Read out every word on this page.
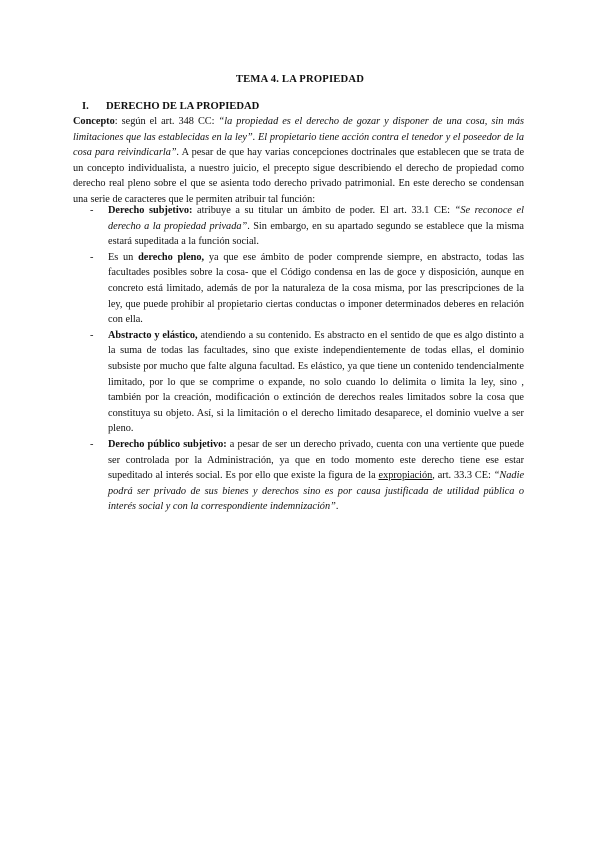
TEMA 4. LA PROPIEDAD
I. DERECHO DE LA PROPIEDAD
Concepto: según el art. 348 CC: “la propiedad es el derecho de gozar y disponer de una cosa, sin más limitaciones que las establecidas en la ley”. El propietario tiene acción contra el tenedor y el poseedor de la cosa para reivindicarla”. A pesar de que hay varias concepciones doctrinales que establecen que se trata de un concepto individualista, a nuestro juicio, el precepto sigue describiendo el derecho de propiedad como derecho real pleno sobre el que se asienta todo derecho privado patrimonial. En este derecho se condensan una serie de caracteres que le permiten atribuir tal función:
- Derecho subjetivo: atribuye a su titular un ámbito de poder. El art. 33.1 CE: “Se reconoce el derecho a la propiedad privada”. Sin embargo, en su apartado segundo se establece que la misma estará supeditada a la función social.
- Es un derecho pleno, ya que ese ámbito de poder comprende siempre, en abstracto, todas las facultades posibles sobre la cosa- que el Código condensa en las de goce y disposición, aunque en concreto está limitado, además de por la naturaleza de la cosa misma, por las prescripciones de la ley, que puede prohibir al propietario ciertas conductas o imponer determinados deberes en relación con ella.
- Abstracto y elástico, atendiendo a su contenido. Es abstracto en el sentido de que es algo distinto a la suma de todas las facultades, sino que existe independientemente de todas ellas, el dominio subsiste por mucho que falte alguna facultad. Es elástico, ya que tiene un contenido tendencialmente limitado, por lo que se comprime o expande, no solo cuando lo delimita o limita la ley, sino , también por la creación, modificación o extinción de derechos reales limitados sobre la cosa que constituya su objeto. Así, si la limitación o el derecho limitado desaparece, el dominio vuelve a ser pleno.
- Derecho público subjetivo: a pesar de ser un derecho privado, cuenta con una vertiente que puede ser controlada por la Administración, ya que en todo momento este derecho tiene ese estar supeditado al interés social. Es por ello que existe la figura de la expropiación, art. 33.3 CE: “Nadie podrá ser privado de sus bienes y derechos sino es por causa justificada de utilidad pública o interés social y con la correspondiente indemnización”.
